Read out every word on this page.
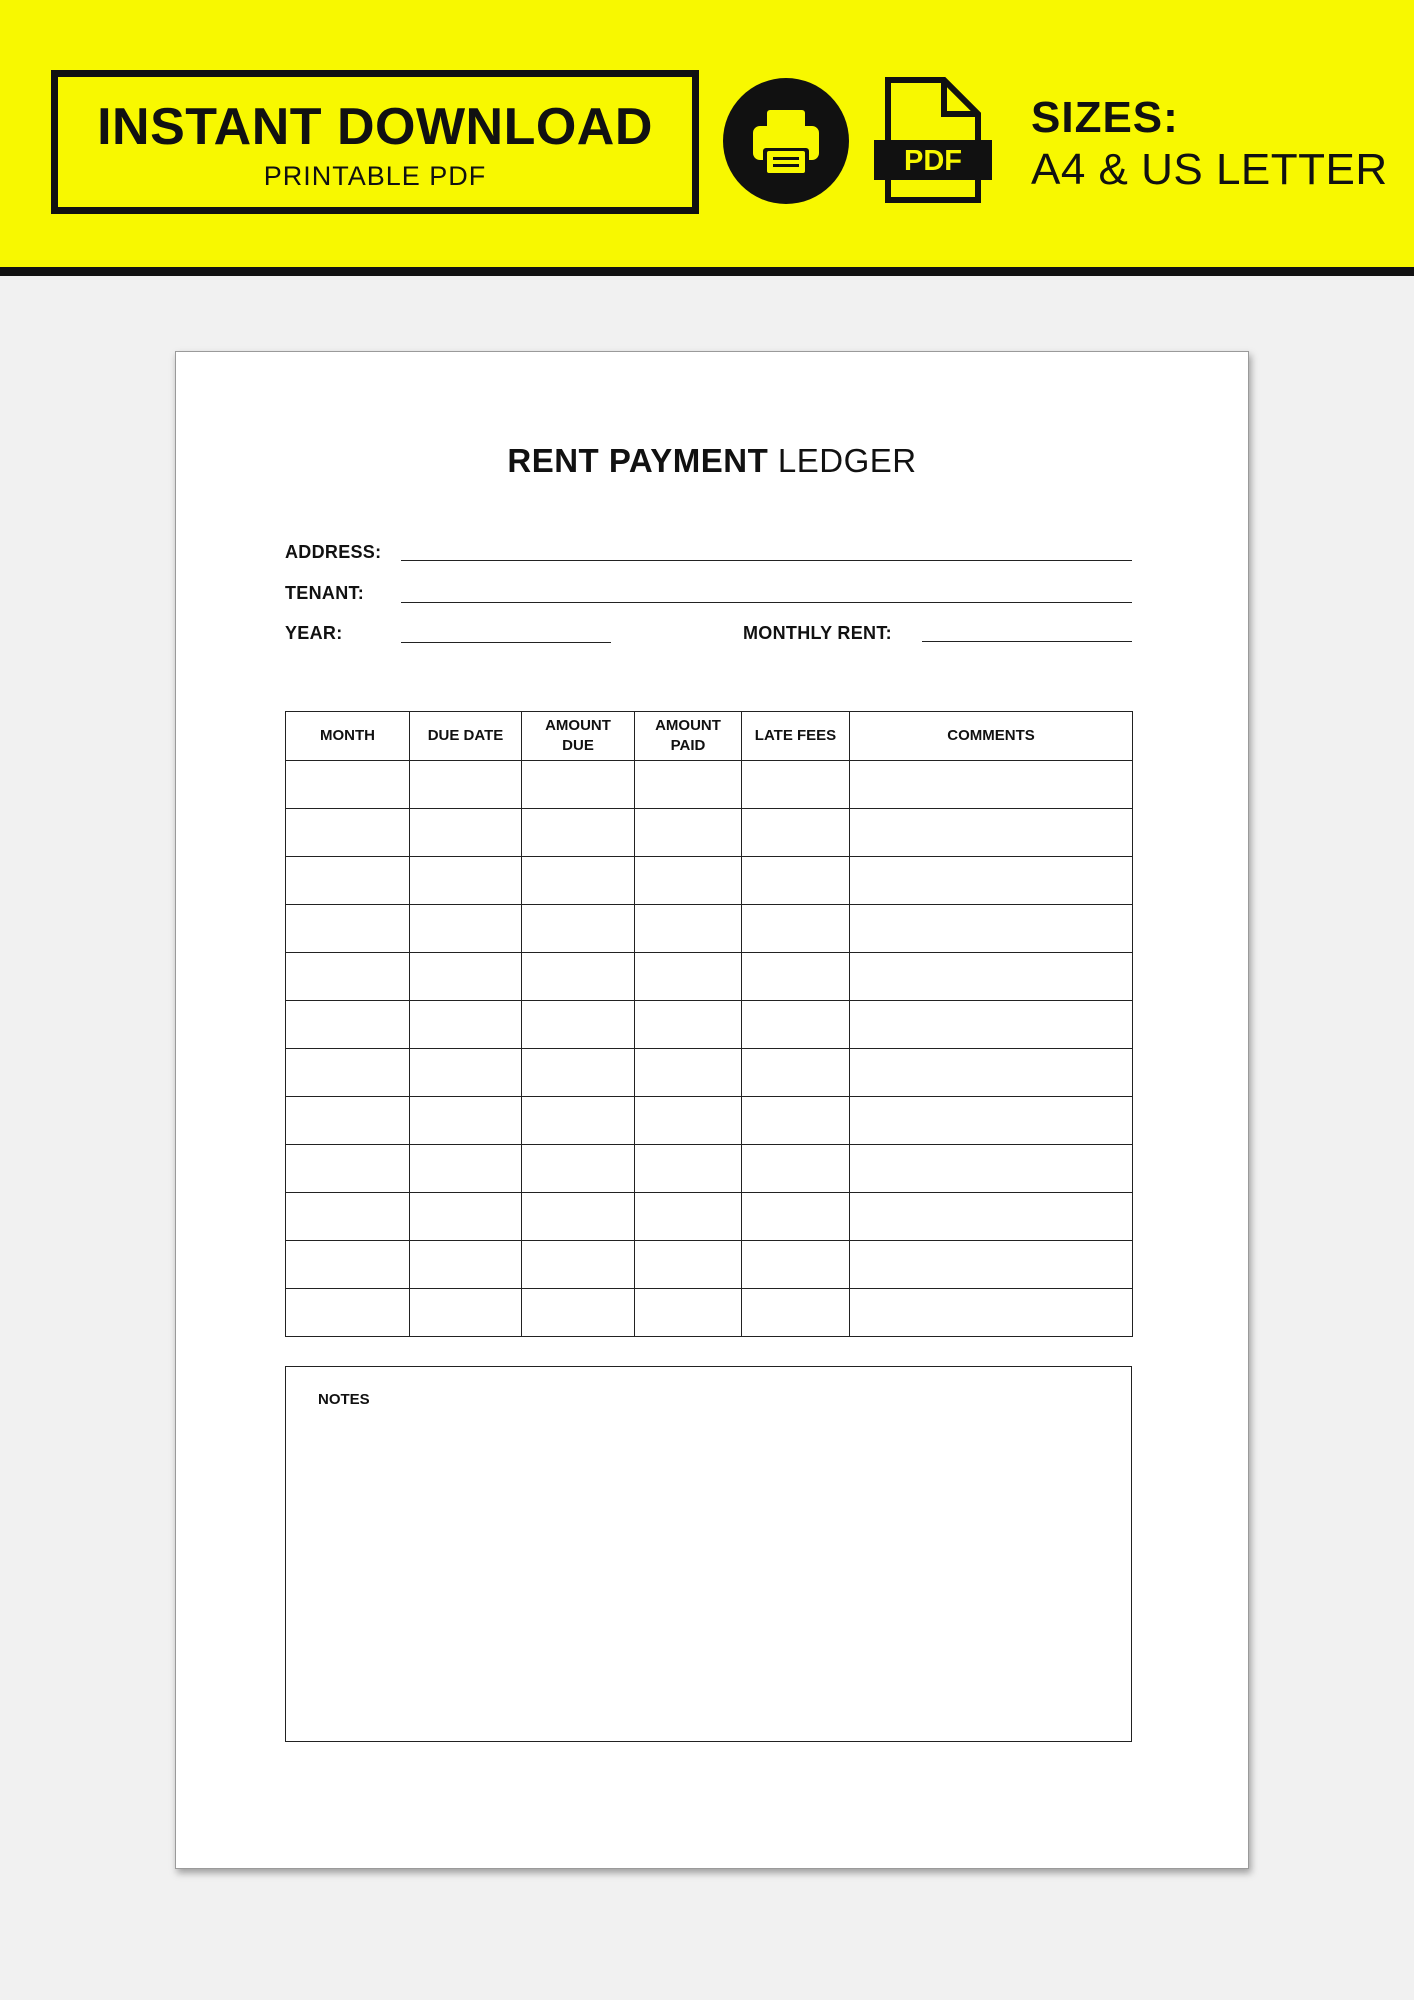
INSTANT DOWNLOAD
PRINTABLE PDF	PDF
SIZES:
A4 & US LETTER
RENT PAYMENT LEDGER
ADDRESS:
TENANT:
YEAR:	MONTHLY RENT:
MONTH	DUE DATE	AMOUNT DUE	AMOUNT PAID	LATE FEES	COMMENTS

NOTES
